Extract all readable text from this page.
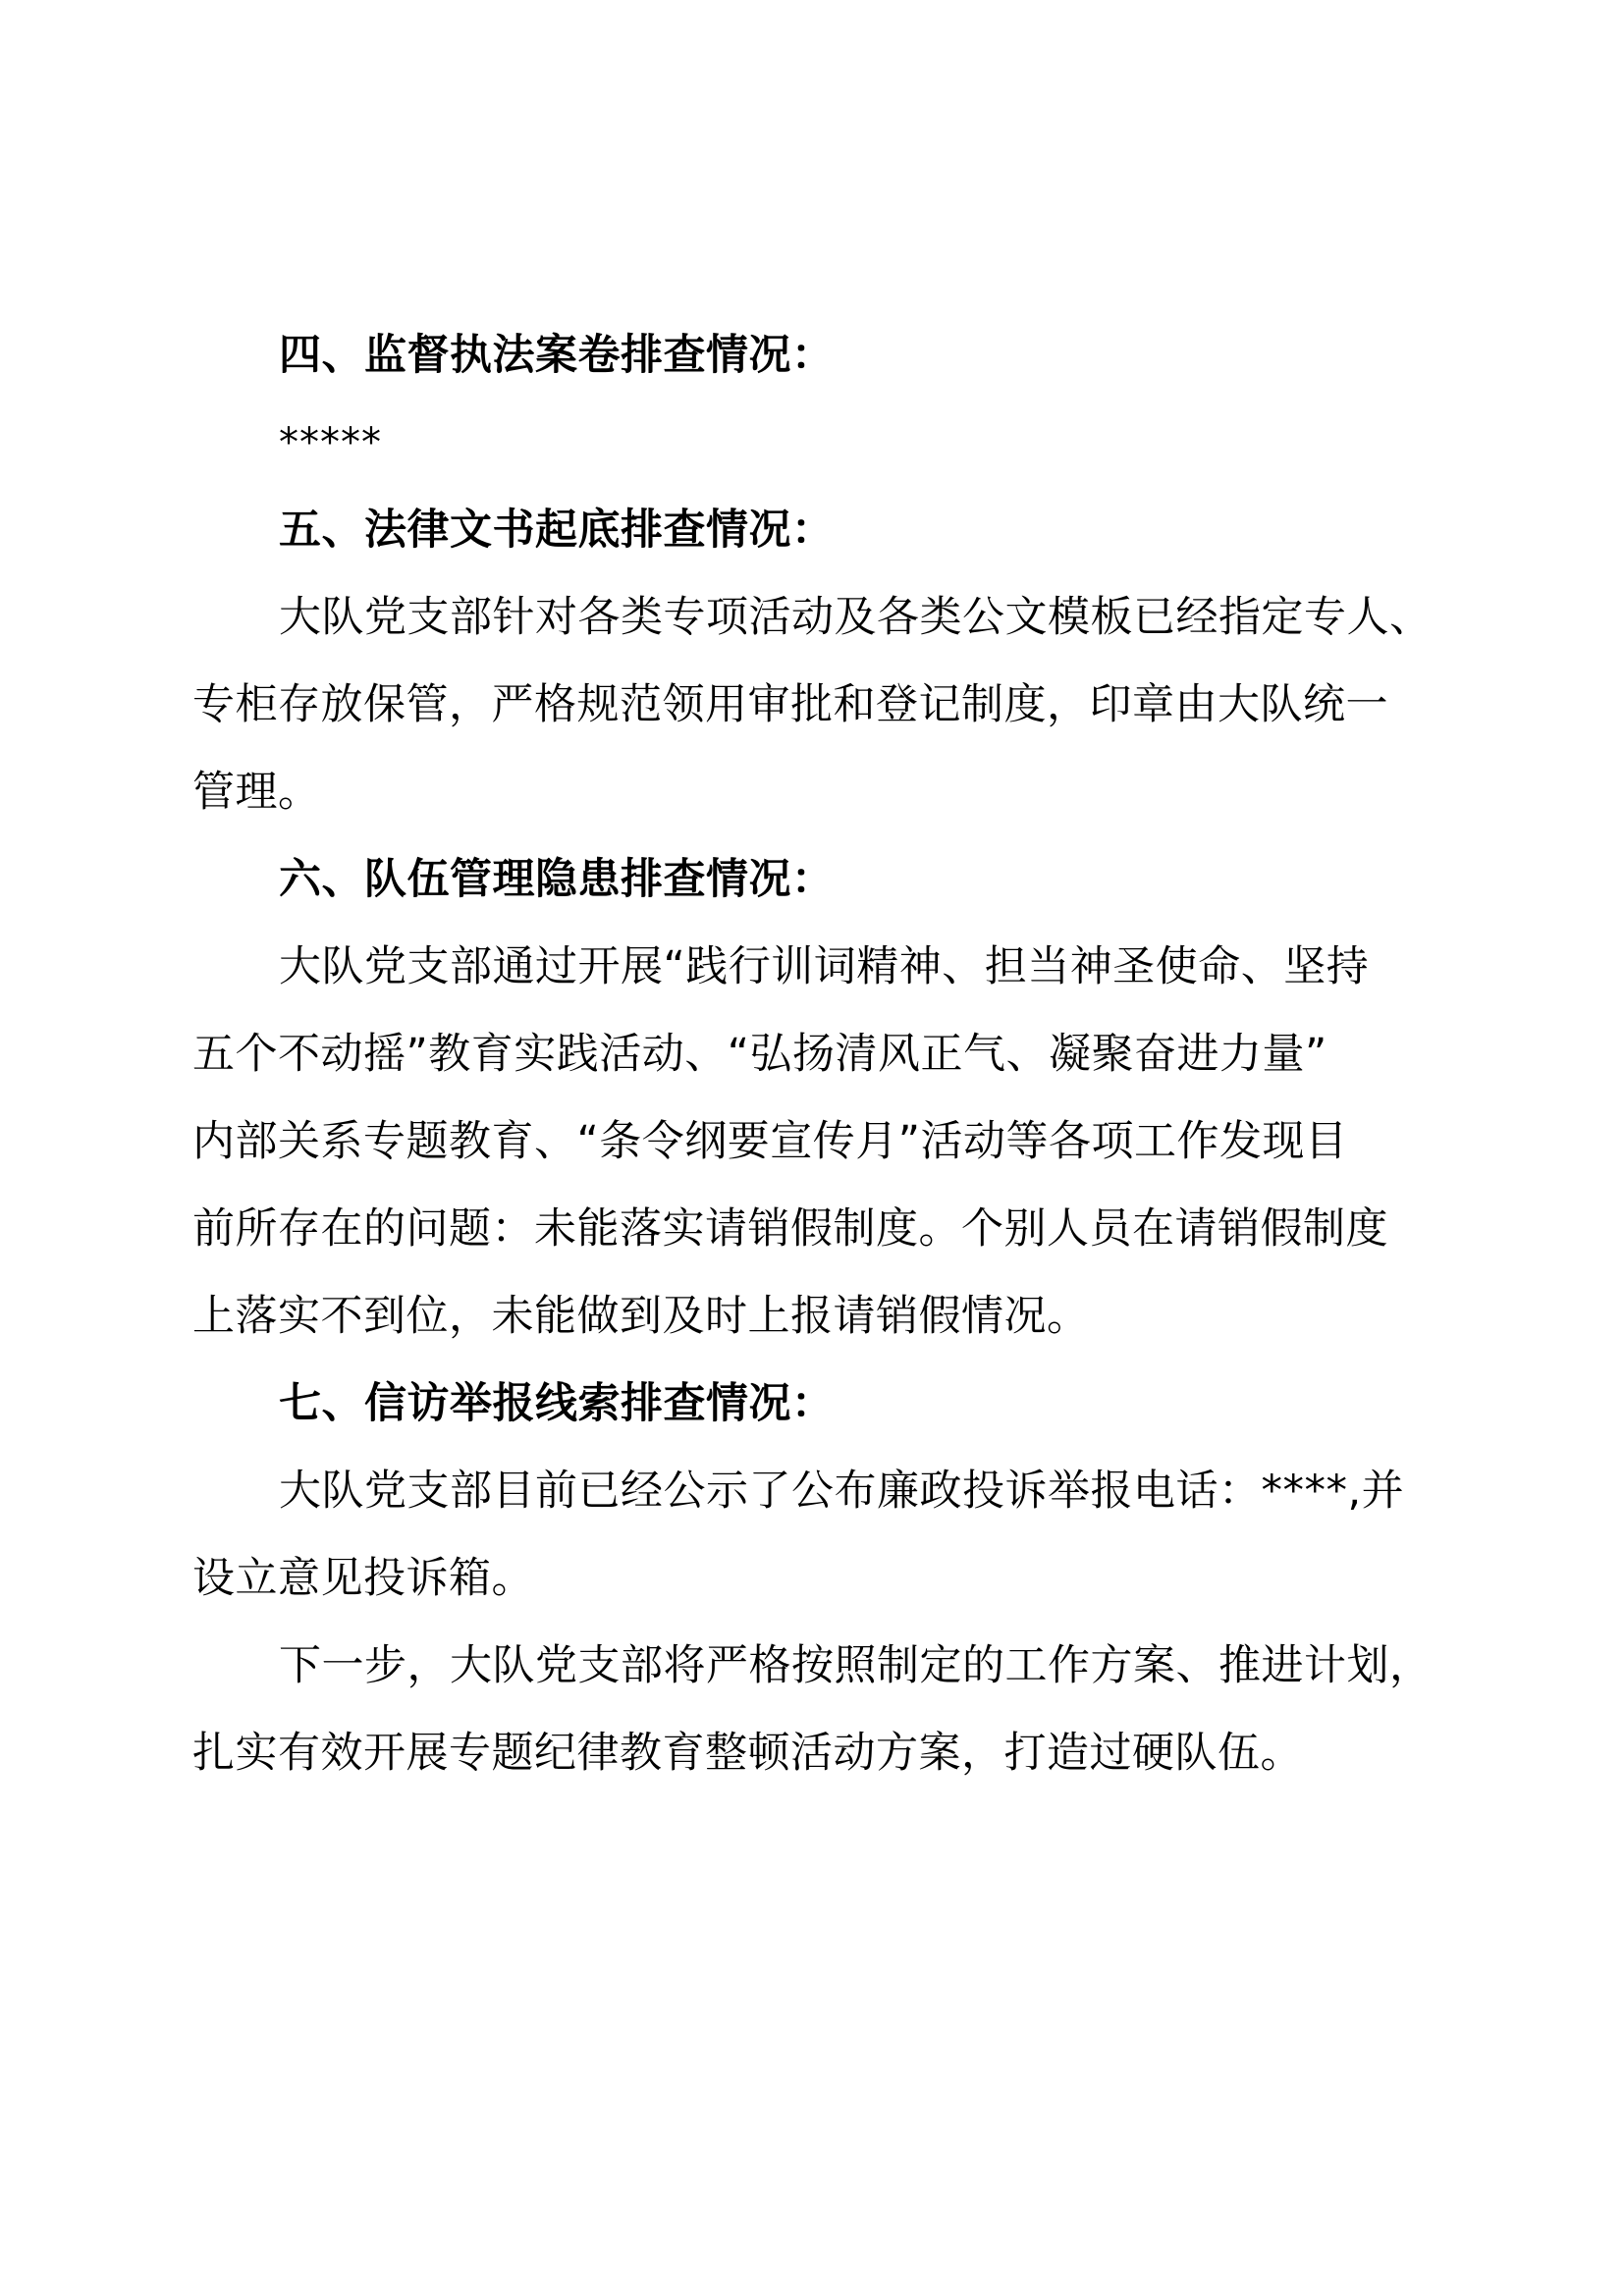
四、监督执法案卷排查情况：
*****
五、法律文书起底排查情况：
大队党支部针对各类专项活动及各类公文模板已经指定专人、
专柜存放保管，严格规范领用审批和登记制度，印章由大队统一
管理。
六、队伍管理隐患排查情况：
大队党支部通过开展“践行训词精神、担当神圣使命、坚持
五个不动摇”教育实践活动、“弘扬清风正气、凝聚奋进力量”
内部关系专题教育、“条令纲要宣传月”活动等各项工作发现目
前所存在的问题：未能落实请销假制度。个别人员在请销假制度
上落实不到位，未能做到及时上报请销假情况。
七、信访举报线索排查情况：
大队党支部目前已经公示了公布廉政投诉举报电话：****,并
设立意见投诉箱。
下一步，大队党支部将严格按照制定的工作方案、推进计划，
扎实有效开展专题纪律教育整顿活动方案，打造过硬队伍。
